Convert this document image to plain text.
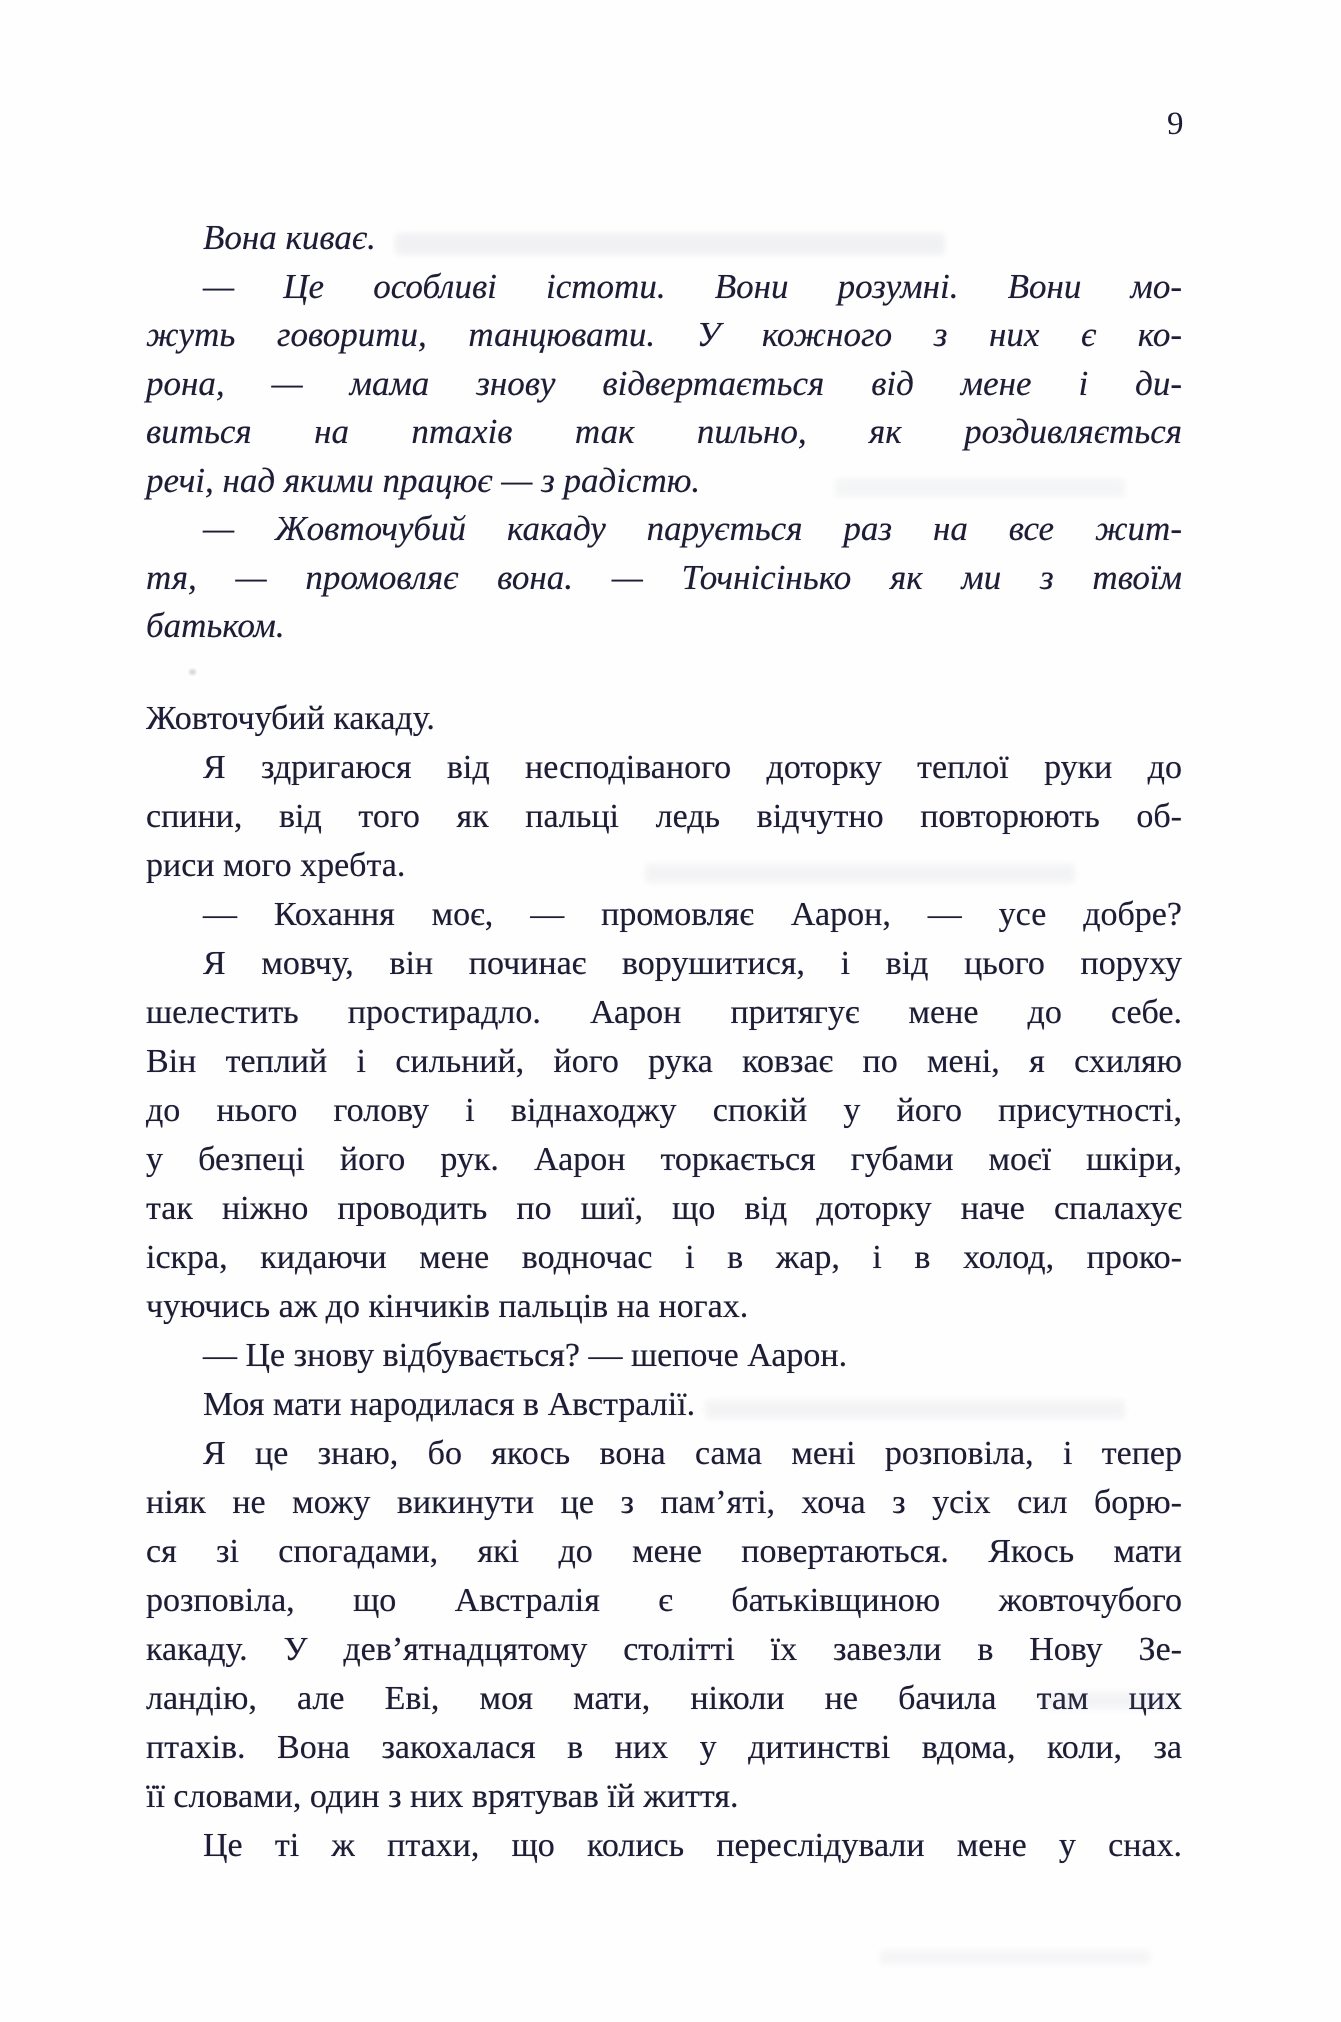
9
Вона киває.
— Це особливі істоти. Вони розумні. Вони мо-
жуть говорити, танцювати. У кожного з них є ко-
рона, — мама знову відвертається від мене і ди-
виться на птахів так пильно, як роздивляється
речі, над якими працює — з радістю.
— Жовточубий какаду парується раз на все жит-
тя, — промовляє вона. — Точнісінько як ми з твоїм
батьком.
Жовточубий какаду.
Я здригаюся від несподіваного доторку теплої руки до
спини, від того як пальці ледь відчутно повторюють об-
риси мого хребта.
— Кохання моє, — промовляє Аарон, — усе добре?
Я мовчу, він починає ворушитися, і від цього поруху
шелестить простирадло. Аарон притягує мене до себе.
Він теплий і сильний, його рука ковзає по мені, я схиляю
до нього голову і віднаходжу спокій у його присутності,
у безпеці його рук. Аарон торкається губами моєї шкіри,
так ніжно проводить по шиї, що від доторку наче спалахує
іскра, кидаючи мене водночас і в жар, і в холод, проко-
чуючись аж до кінчиків пальців на ногах.
— Це знову відбувається? — шепоче Аарон.
Моя мати народилася в Австралії.
Я це знаю, бо якось вона сама мені розповіла, і тепер
ніяк не можу викинути це з пам’яті, хоча з усіх сил борю-
ся зі спогадами, які до мене повертаються. Якось мати
розповіла, що Австралія є батьківщиною жовточубого
какаду. У дев’ятнадцятому столітті їх завезли в Нову Зе-
ландію, але Еві, моя мати, ніколи не бачила там цих
птахів. Вона закохалася в них у дитинстві вдома, коли, за
її словами, один з них врятував їй життя.
Це ті ж птахи, що колись переслідували мене у снах.
